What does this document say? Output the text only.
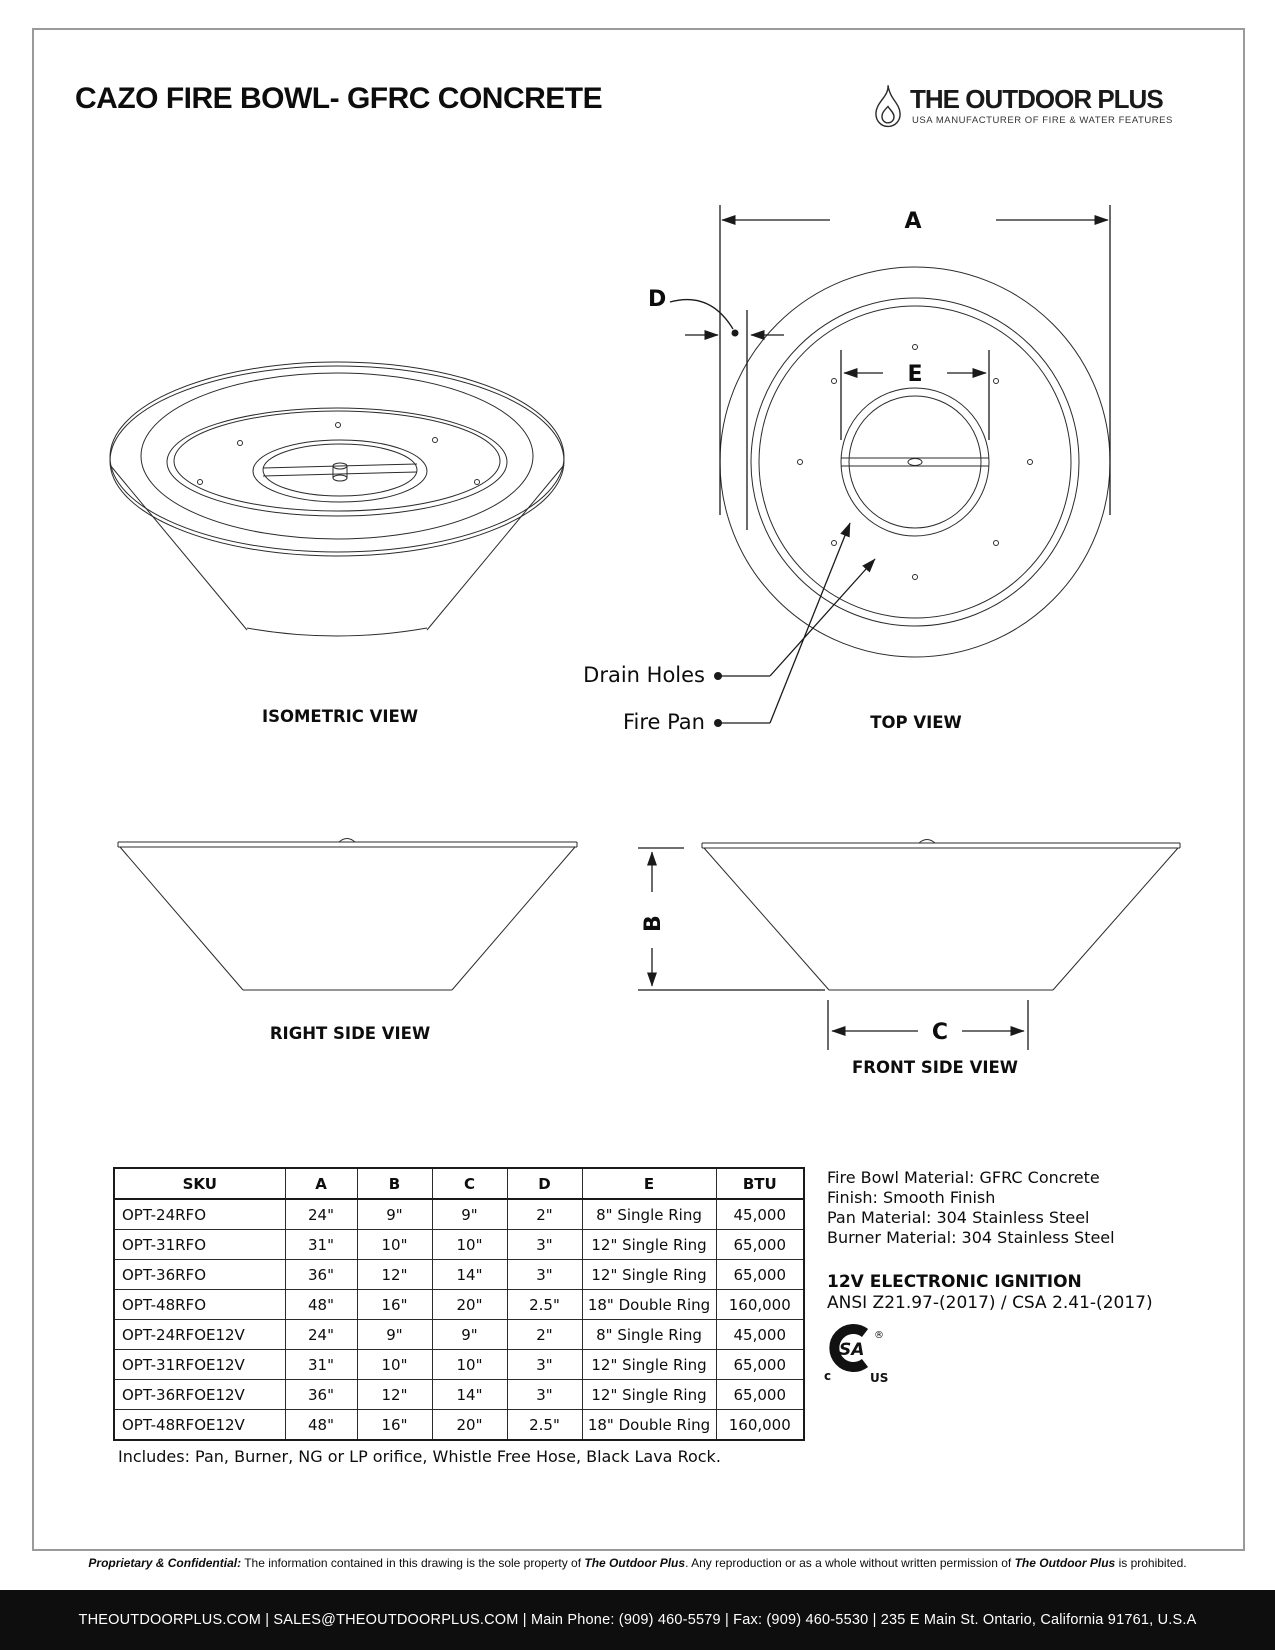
CAZO FIRE BOWL- GFRC CONCRETE	THE OUTDOOR PLUS
USA MANUFACTURER OF FIRE & WATER FEATURES
ISOMETRIC VIEW
A
D
E
Drain Holes
Fire Pan	TOP VIEW
RIGHT SIDE VIEW
B
C
FRONT SIDE VIEW
SKU	A	B	C	D	E	BTU
OPT-24RFO	24"	9"	9"	2"	8" Single Ring	45,000
OPT-31RFO	31"	10"	10"	3"	12" Single Ring	65,000
OPT-36RFO	36"	12"	14"	3"	12" Single Ring	65,000
OPT-48RFO	48"	16"	20"	2.5"	18" Double Ring	160,000
OPT-24RFOE12V	24"	9"	9"	2"	8" Single Ring	45,000
OPT-31RFOE12V	31"	10"	10"	3"	12" Single Ring	65,000
OPT-36RFOE12V	36"	12"	14"	3"	12" Single Ring	65,000
OPT-48RFOE12V	48"	16"	20"	2.5"	18" Double Ring	160,000
Includes: Pan, Burner, NG or LP orifice, Whistle Free Hose, Black Lava Rock.
Fire Bowl Material: GFRC Concrete
Finish: Smooth Finish
Pan Material: 304 Stainless Steel
Burner Material: 304 Stainless Steel
12V ELECTRONIC IGNITION
ANSI Z21.97-(2017) / CSA 2.41-(2017)
SA
®
c	US
Proprietary & Confidential: The information contained in this drawing is the sole property of The Outdoor Plus. Any reproduction or as a whole without written permission of The Outdoor Plus is prohibited.
THEOUTDOORPLUS.COM | SALES@THEOUTDOORPLUS.COM | Main Phone: (909) 460-5579 | Fax: (909) 460-5530 | 235 E Main St. Ontario, California 91761, U.S.A
